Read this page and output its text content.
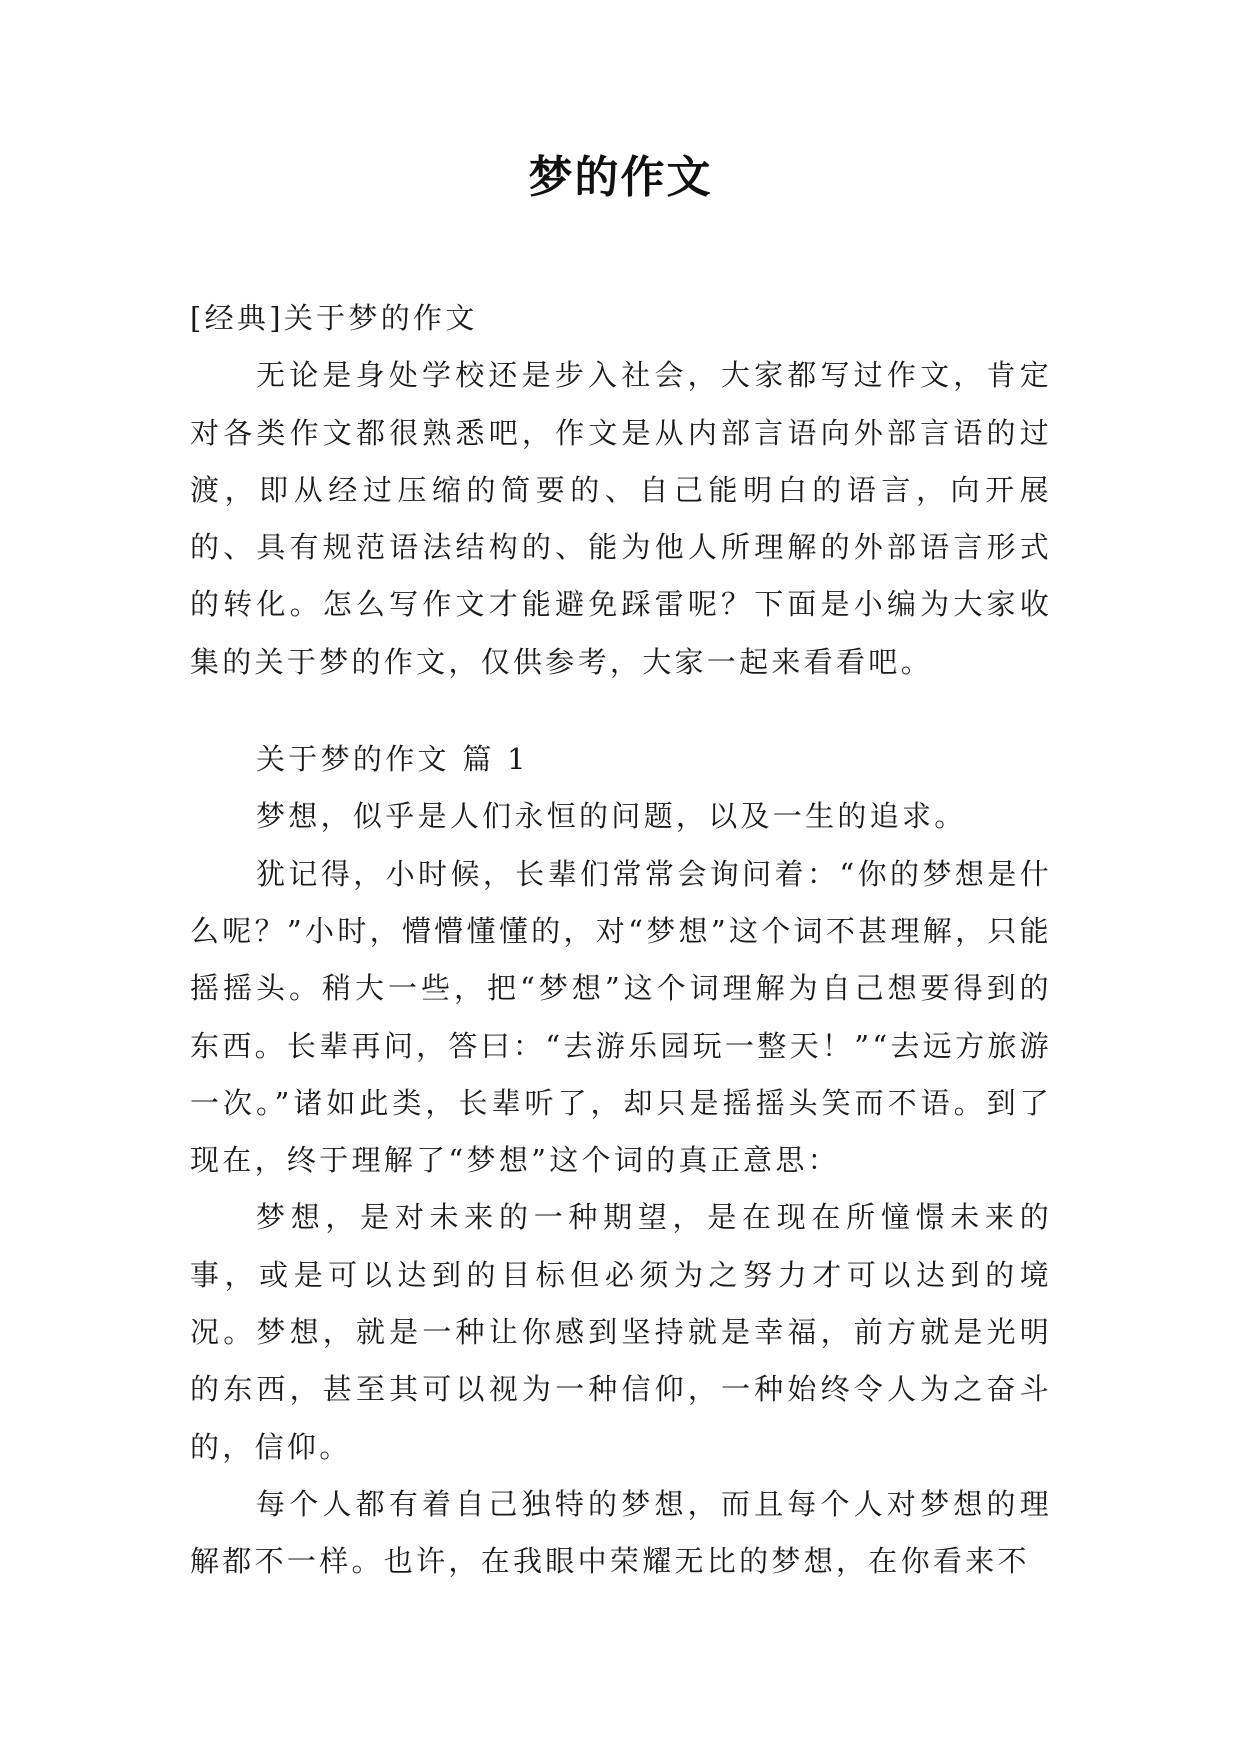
梦的作文

[经典]关于梦的作文

无论是身处学校还是步入社会，大家都写过作文，肯定对各类作文都很熟悉吧，作文是从内部言语向外部言语的过渡，即从经过压缩的简要的、自己能明白的语言，向开展的、具有规范语法结构的、能为他人所理解的外部语言形式的转化。怎么写作文才能避免踩雷呢？下面是小编为大家收集的关于梦的作文，仅供参考，大家一起来看看吧。

关于梦的作文 篇 1

梦想，似乎是人们永恒的问题，以及一生的追求。

犹记得，小时候，长辈们常常会询问着：“你的梦想是什么呢？”小时，懵懵懂懂的，对“梦想”这个词不甚理解，只能摇摇头。稍大一些，把“梦想”这个词理解为自己想要得到的东西。长辈再问，答曰：“去游乐园玩一整天！”“去远方旅游一次。”诸如此类，长辈听了，却只是摇摇头笑而不语。到了现在，终于理解了“梦想”这个词的真正意思：

梦想，是对未来的一种期望，是在现在所憧憬未来的事，或是可以达到的目标但必须为之努力才可以达到的境况。梦想，就是一种让你感到坚持就是幸福，前方就是光明的东西，甚至其可以视为一种信仰，一种始终令人为之奋斗的，信仰。

每个人都有着自己独特的梦想，而且每个人对梦想的理解都不一样。也许，在我眼中荣耀无比的梦想，在你看来不
